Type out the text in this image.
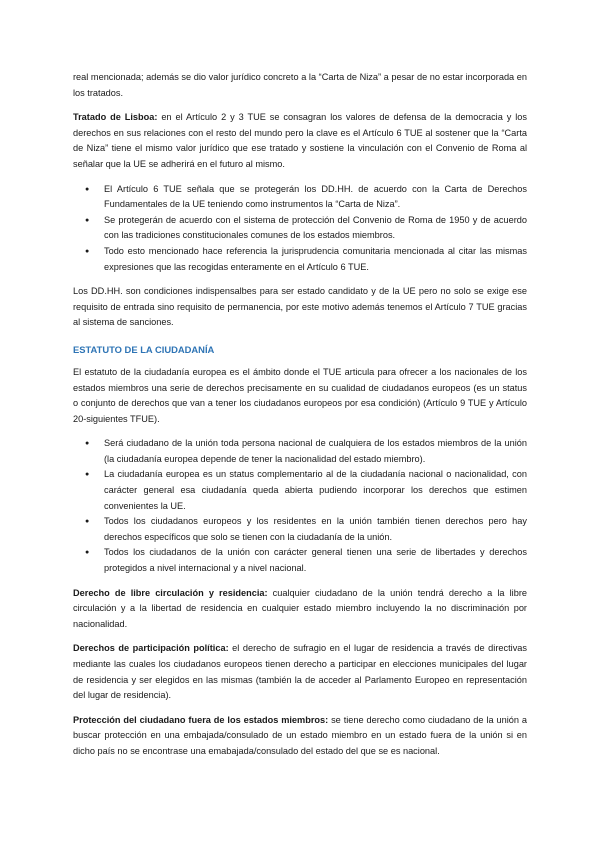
real mencionada; además se dio valor jurídico concreto a la “Carta de Niza” a pesar de no estar incorporada en los tratados.

Tratado de Lisboa: en el Artículo 2 y 3 TUE se consagran los valores de defensa de la democracia y los derechos en sus relaciones con el resto del mundo pero la clave es el Artículo 6 TUE al sostener que la “Carta de Niza” tiene el mismo valor jurídico que ese tratado y sostiene la vinculación con el Convenio de Roma al señalar que la UE se adherirá en el futuro al mismo.

● El Artículo 6 TUE señala que se protegerán los DD.HH. de acuerdo con la Carta de Derechos Fundamentales de la UE teniendo como instrumentos la “Carta de Niza”.
● Se protegerán de acuerdo con el sistema de protección del Convenio de Roma de 1950 y de acuerdo con las tradiciones constitucionales comunes de los estados miembros.
● Todo esto mencionado hace referencia la jurisprudencia comunitaria mencionada al citar las mismas expresiones que las recogidas enteramente en el Artículo 6 TUE.

Los DD.HH. son condiciones indispensalbes para ser estado candidato y de la UE pero no solo se exige ese requisito de entrada sino requisito de permanencia, por este motivo además tenemos el Artículo 7 TUE gracias al sistema de sanciones.

ESTATUTO DE LA CIUDADANÍA

El estatuto de la ciudadanía europea es el ámbito donde el TUE articula para ofrecer a los nacionales de los estados miembros una serie de derechos precisamente en su cualidad de ciudadanos europeos (es un status o conjunto de derechos que van a tener los ciudadanos europeos por esa condición) (Artículo 9 TUE y Artículo 20-siguientes TFUE).

● Será ciudadano de la unión toda persona nacional de cualquiera de los estados miembros de la unión (la ciudadanía europea depende de tener la nacionalidad del estado miembro).
● La ciudadanía europea es un status complementario al de la ciudadanía nacional o nacionalidad, con carácter general esa ciudadanía queda abierta pudiendo incorporar los derechos que estimen convenientes la UE.
● Todos los ciudadanos europeos y los residentes en la unión también tienen derechos pero hay derechos específicos que solo se tienen con la ciudadanía de la unión.
● Todos los ciudadanos de la unión con carácter general tienen una serie de libertades y derechos protegidos a nivel internacional y a nivel nacional.

Derecho de libre circulación y residencia: cualquier ciudadano de la unión tendrá derecho a la libre circulación y a la libertad de residencia en cualquier estado miembro incluyendo la no discriminación por nacionalidad.

Derechos de participación política: el derecho de sufragio en el lugar de residencia a través de directivas mediante las cuales los ciudadanos europeos tienen derecho a participar en elecciones municipales del lugar de residencia y ser elegidos en las mismas (también la de acceder al Parlamento Europeo en representación del lugar de residencia).

Protección del ciudadano fuera de los estados miembros: se tiene derecho como ciudadano de la unión a buscar protección en una embajada/consulado de un estado miembro en un estado fuera de la unión si en dicho país no se encontrase una emabajada/consulado del estado del que se es nacional.
